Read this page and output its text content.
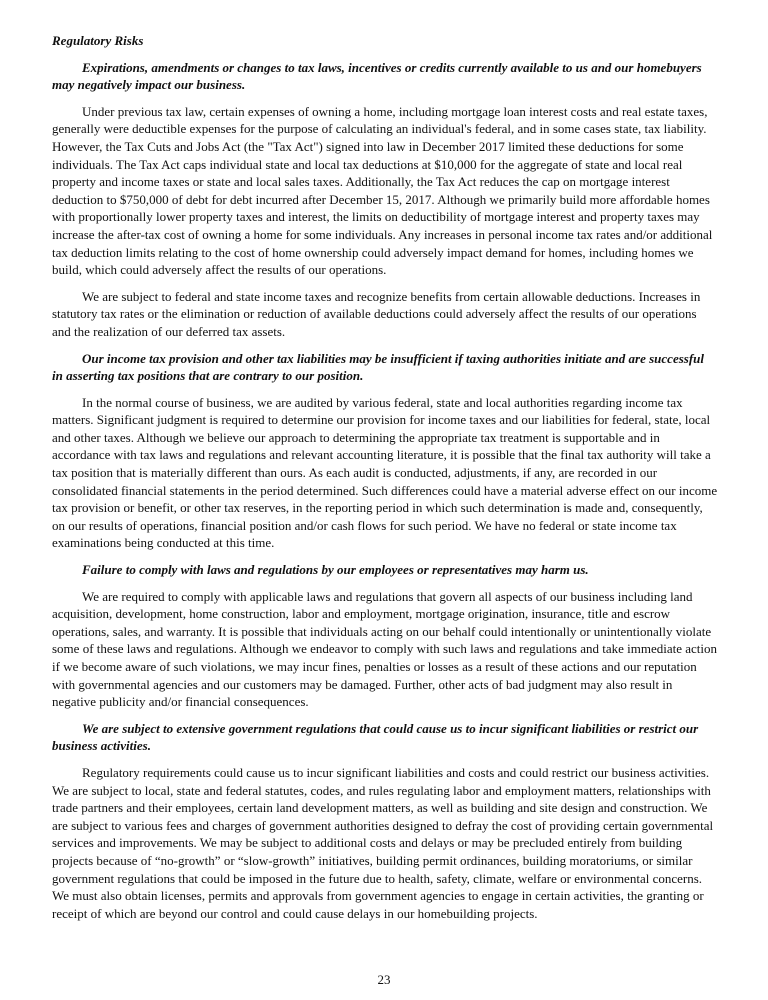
Regulatory Risks
Expirations, amendments or changes to tax laws, incentives or credits currently available to us and our homebuyers may negatively impact our business.
Under previous tax law, certain expenses of owning a home, including mortgage loan interest costs and real estate taxes, generally were deductible expenses for the purpose of calculating an individual's federal, and in some cases state, tax liability. However, the Tax Cuts and Jobs Act (the "Tax Act") signed into law in December 2017 limited these deductions for some individuals. The Tax Act caps individual state and local tax deductions at $10,000 for the aggregate of state and local real property and income taxes or state and local sales taxes. Additionally, the Tax Act reduces the cap on mortgage interest deduction to $750,000 of debt for debt incurred after December 15, 2017. Although we primarily build more affordable homes with proportionally lower property taxes and interest, the limits on deductibility of mortgage interest and property taxes may increase the after-tax cost of owning a home for some individuals. Any increases in personal income tax rates and/or additional tax deduction limits relating to the cost of home ownership could adversely impact demand for homes, including homes we build, which could adversely affect the results of our operations.
We are subject to federal and state income taxes and recognize benefits from certain allowable deductions. Increases in statutory tax rates or the elimination or reduction of available deductions could adversely affect the results of our operations and the realization of our deferred tax assets.
Our income tax provision and other tax liabilities may be insufficient if taxing authorities initiate and are successful in asserting tax positions that are contrary to our position.
In the normal course of business, we are audited by various federal, state and local authorities regarding income tax matters. Significant judgment is required to determine our provision for income taxes and our liabilities for federal, state, local and other taxes. Although we believe our approach to determining the appropriate tax treatment is supportable and in accordance with tax laws and regulations and relevant accounting literature, it is possible that the final tax authority will take a tax position that is materially different than ours. As each audit is conducted, adjustments, if any, are recorded in our consolidated financial statements in the period determined. Such differences could have a material adverse effect on our income tax provision or benefit, or other tax reserves, in the reporting period in which such determination is made and, consequently, on our results of operations, financial position and/or cash flows for such period. We have no federal or state income tax examinations being conducted at this time.
Failure to comply with laws and regulations by our employees or representatives may harm us.
We are required to comply with applicable laws and regulations that govern all aspects of our business including land acquisition, development, home construction, labor and employment, mortgage origination, insurance, title and escrow operations, sales, and warranty. It is possible that individuals acting on our behalf could intentionally or unintentionally violate some of these laws and regulations. Although we endeavor to comply with such laws and regulations and take immediate action if we become aware of such violations, we may incur fines, penalties or losses as a result of these actions and our reputation with governmental agencies and our customers may be damaged. Further, other acts of bad judgment may also result in negative publicity and/or financial consequences.
We are subject to extensive government regulations that could cause us to incur significant liabilities or restrict our business activities.
Regulatory requirements could cause us to incur significant liabilities and costs and could restrict our business activities. We are subject to local, state and federal statutes, codes, and rules regulating labor and employment matters, relationships with trade partners and their employees, certain land development matters, as well as building and site design and construction. We are subject to various fees and charges of government authorities designed to defray the cost of providing certain governmental services and improvements. We may be subject to additional costs and delays or may be precluded entirely from building projects because of “no-growth” or “slow-growth” initiatives, building permit ordinances, building moratoriums, or similar government regulations that could be imposed in the future due to health, safety, climate, welfare or environmental concerns. We must also obtain licenses, permits and approvals from government agencies to engage in certain activities, the granting or receipt of which are beyond our control and could cause delays in our homebuilding projects.
23
